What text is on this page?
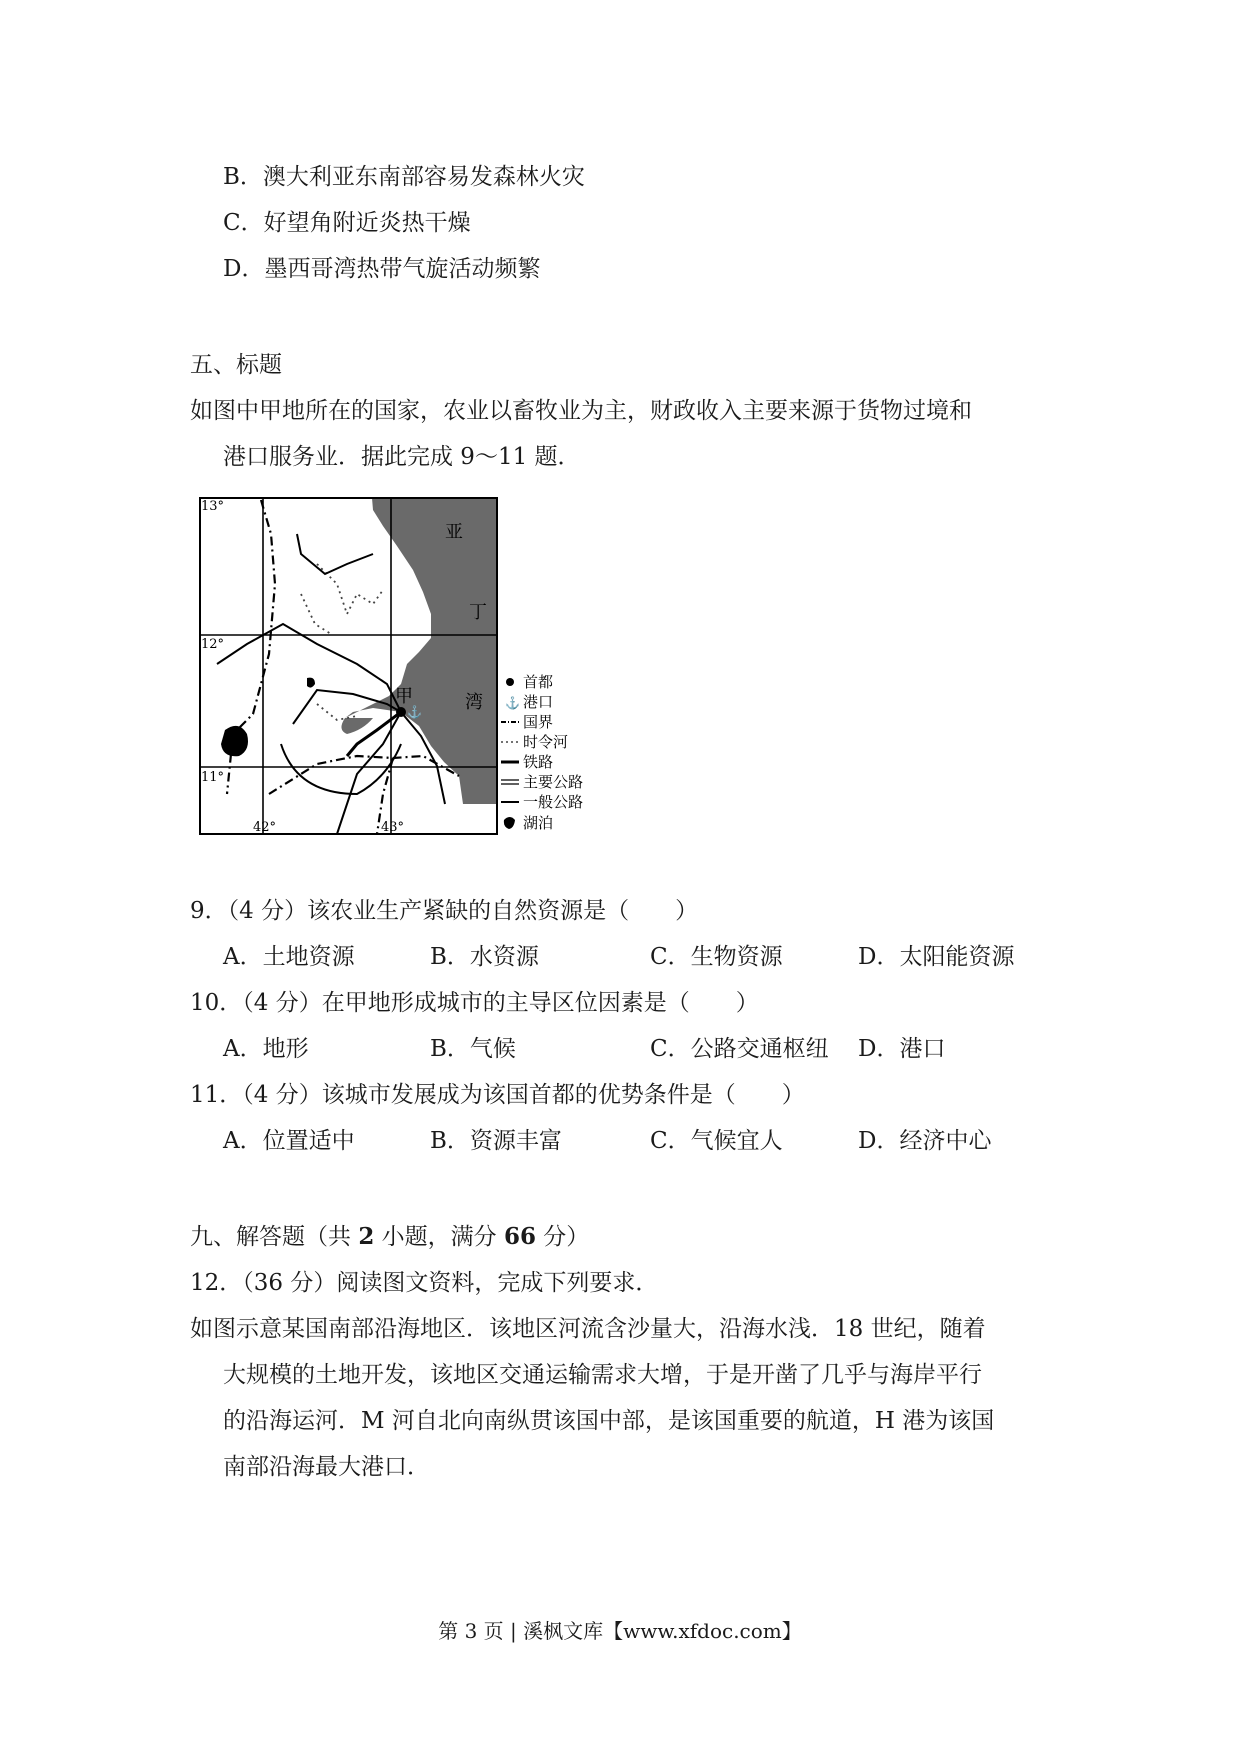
B．澳大利亚东南部容易发森林火灾
C．好望角附近炎热干燥
D．墨西哥湾热带气旋活动频繁
五、标题
如图中甲地所在的国家，农业以畜牧业为主，财政收入主要来源于货物过境和
港口服务业．据此完成 9～11 题．
13°
12°
11°
42°	43°
亚
丁
湾
甲
⚓
首都
⚓ 港口
国界
时令河
铁路
主要公路
一般公路
湖泊
9．（4 分）该农业生产紧缺的自然资源是（　　）
A．土地资源	B．水资源	C．生物资源	D．太阳能资源
10．（4 分）在甲地形成城市的主导区位因素是（　　）
A．地形	B．气候	C．公路交通枢纽 D．港口
11．（4 分）该城市发展成为该国首都的优势条件是（　　）
A．位置适中	B．资源丰富	C．气候宜人	D．经济中心
九、解答题（共 2 小题，满分 66 分）
12．（36 分）阅读图文资料，完成下列要求．
如图示意某国南部沿海地区．该地区河流含沙量大，沿海水浅．18 世纪，随着
大规模的土地开发，该地区交通运输需求大增，于是开凿了几乎与海岸平行
的沿海运河．M 河自北向南纵贯该国中部，是该国重要的航道，H 港为该国
南部沿海最大港口．
第 3 页 | 溪枫文库【www.xfdoc.com】
